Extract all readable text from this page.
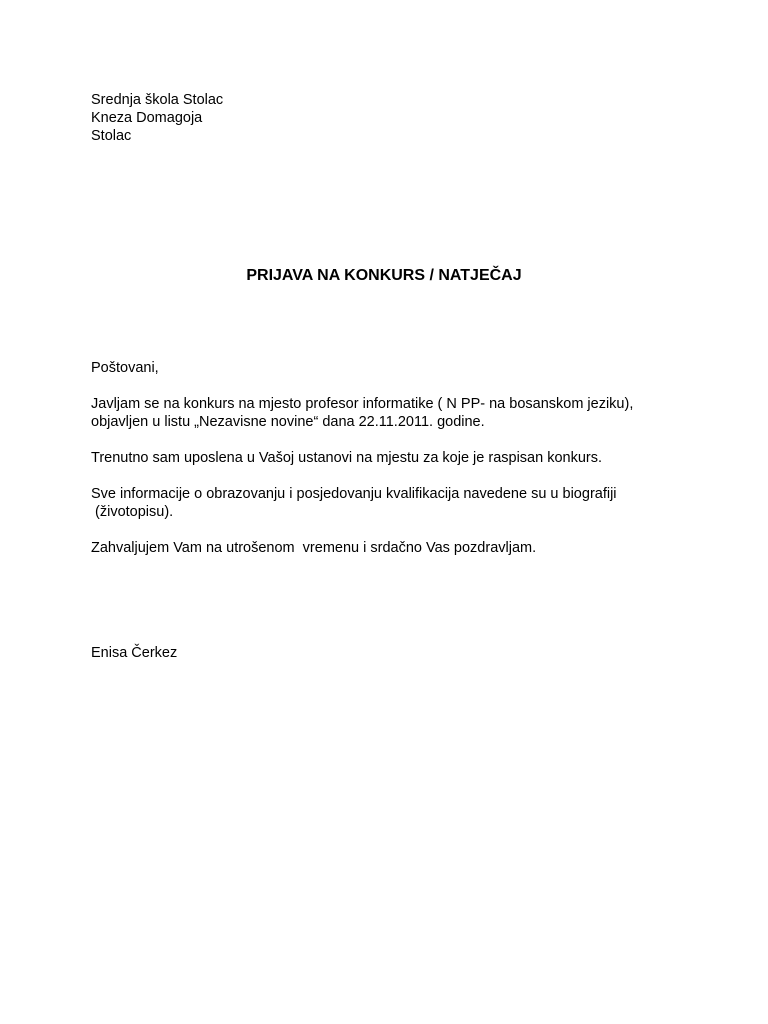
Srednja škola Stolac

Kneza Domagoja

Stolac

PRIJAVA NA KONKURS / NATJEČAJ

Poštovani,

Javljam se na konkurs na mjesto profesor informatike ( N PP- na bosanskom jeziku),

objavljen u listu „Nezavisne novine“ dana 22.11.2011. godine.

Trenutno sam uposlena u Vašoj ustanovi na mjestu za koje je raspisan konkurs.

Sve informacije o obrazovanju i posjedovanju kvalifikacija navedene su u biografiji

(životopisu).

Zahvaljujem Vam na utrošenom  vremenu i srdačno Vas pozdravljam.

Enisa Čerkez
